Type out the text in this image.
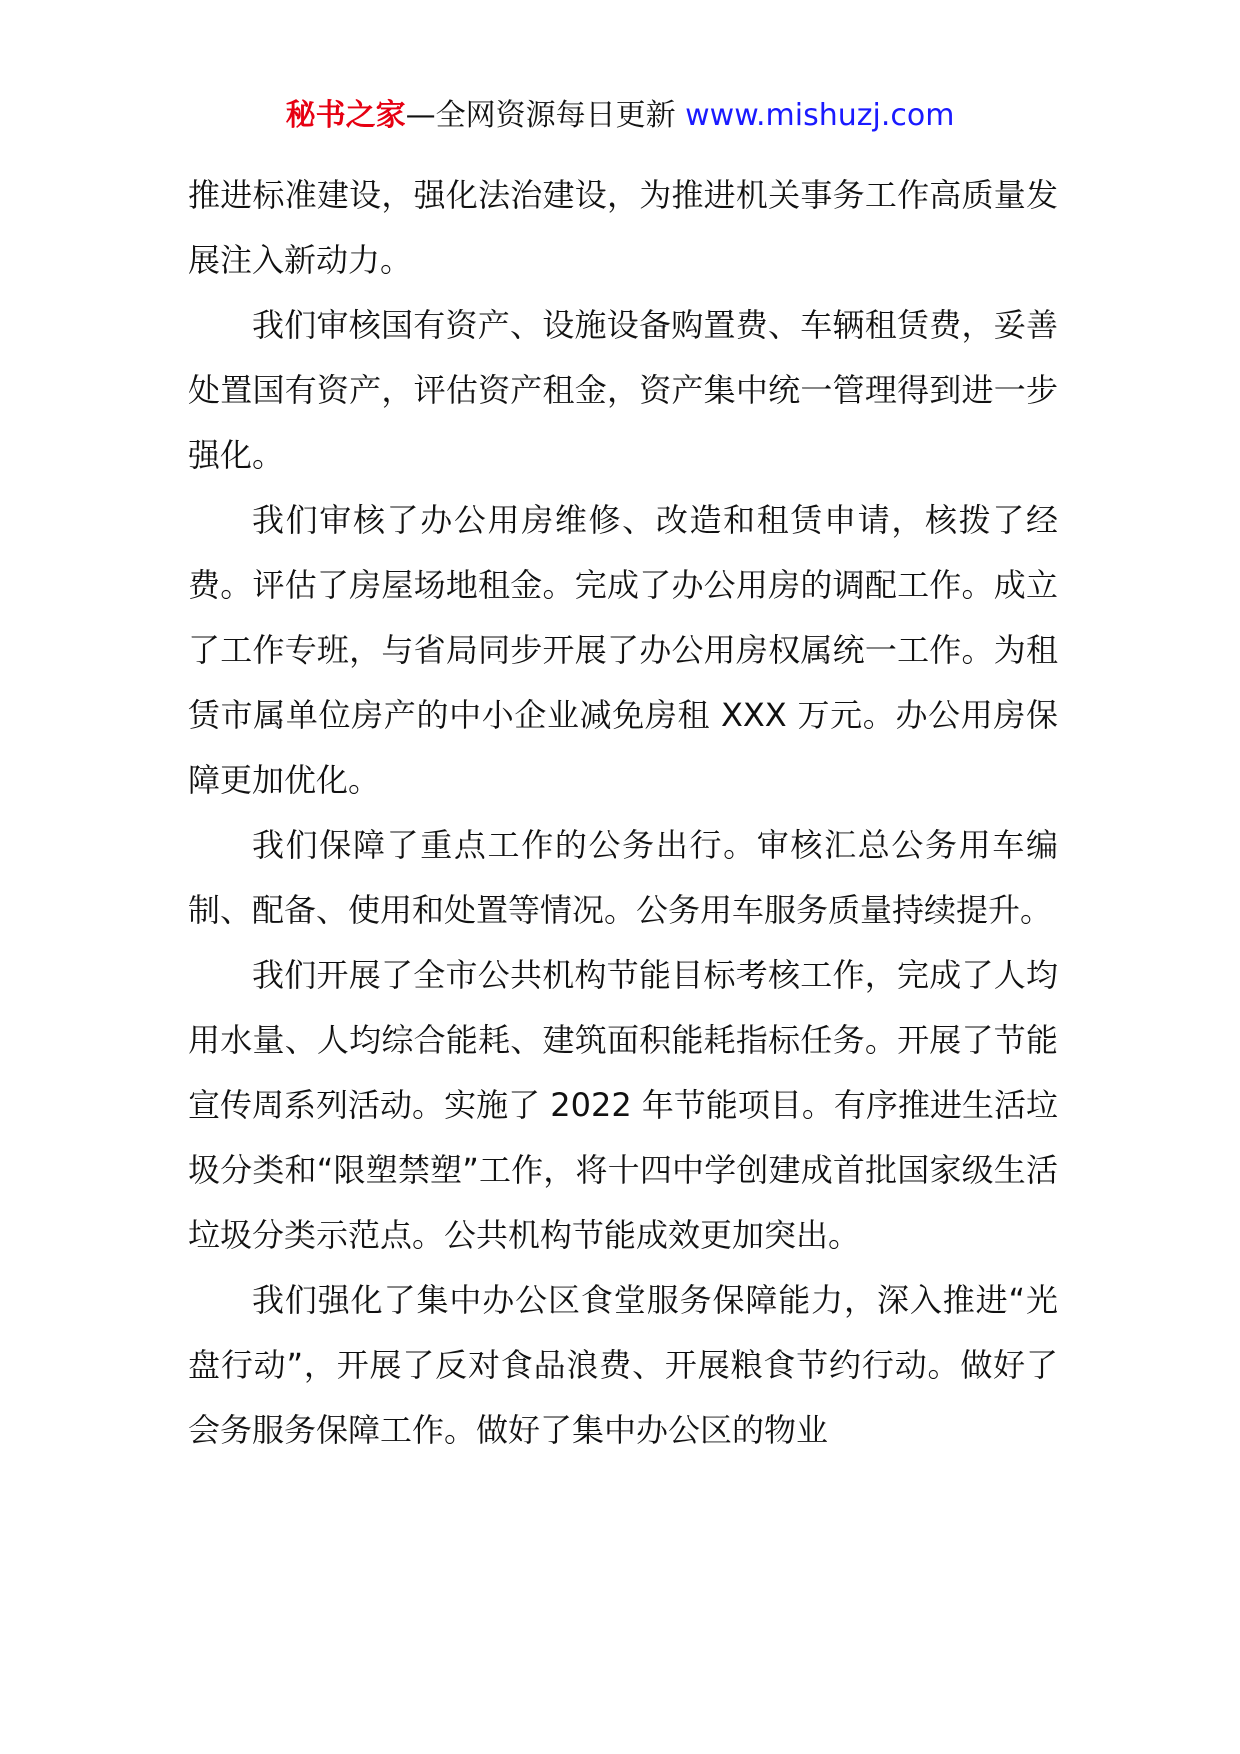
秘书之家—全网资源每日更新 www.mishuzj.com

推进标准建设，强化法治建设，为推进机关事务工作高质量发展注入新动力。

我们审核国有资产、设施设备购置费、车辆租赁费，妥善处置国有资产，评估资产租金，资产集中统一管理得到进一步强化。

我们审核了办公用房维修、改造和租赁申请，核拨了经费。评估了房屋场地租金。完成了办公用房的调配工作。成立了工作专班，与省局同步开展了办公用房权属统一工作。为租赁市属单位房产的中小企业减免房租 XXX 万元。办公用房保障更加优化。

我们保障了重点工作的公务出行。审核汇总公务用车编制、配备、使用和处置等情况。公务用车服务质量持续提升。

我们开展了全市公共机构节能目标考核工作，完成了人均用水量、人均综合能耗、建筑面积能耗指标任务。开展了节能宣传周系列活动。实施了 2022 年节能项目。有序推进生活垃圾分类和“限塑禁塑”工作，将十四中学创建成首批国家级生活垃圾分类示范点。公共机构节能成效更加突出。

我们强化了集中办公区食堂服务保障能力，深入推进“光盘行动”，开展了反对食品浪费、开展粮食节约行动。做好了会务服务保障工作。做好了集中办公区的物业
